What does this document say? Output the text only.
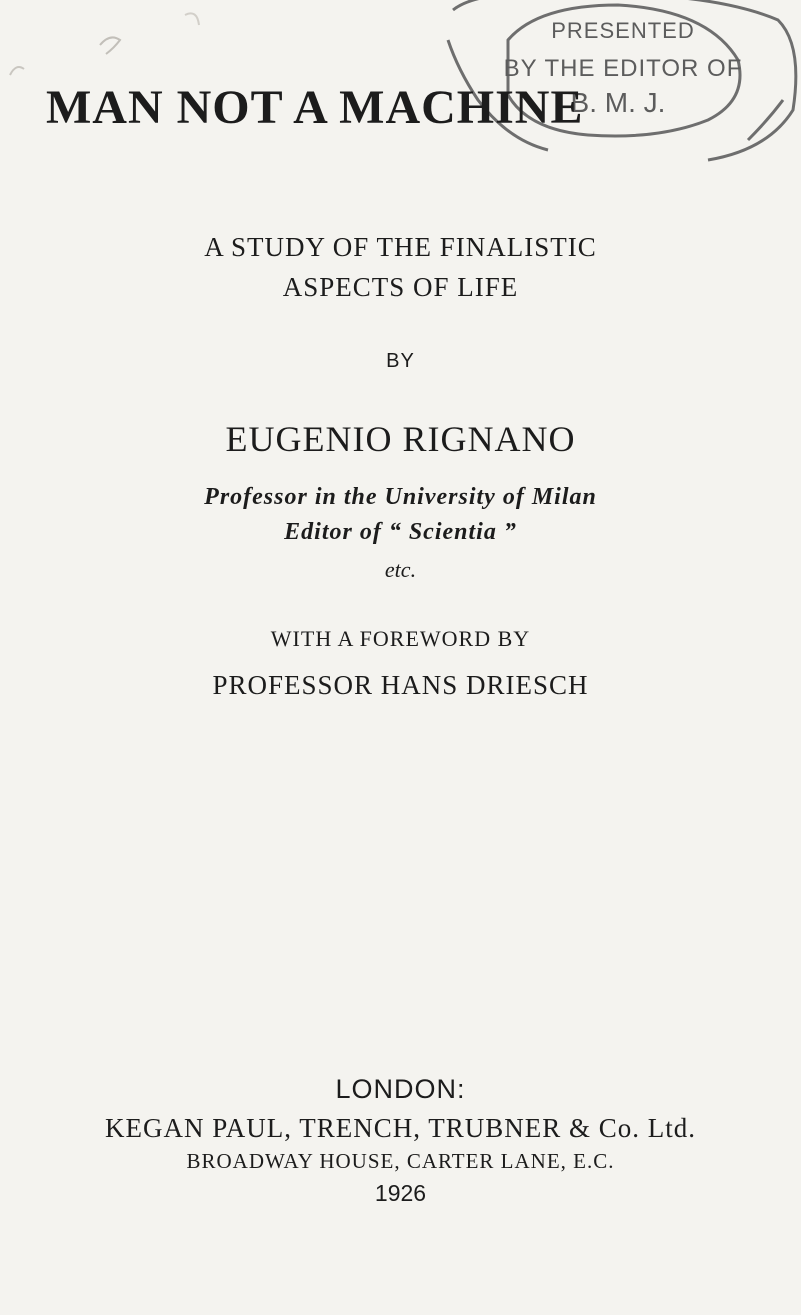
PRESENTED
BY THE EDITOR OF
B. M. J.
MAN NOT A MACHINE
A STUDY OF THE FINALISTIC
ASPECTS OF LIFE
BY
EUGENIO RIGNANO
Professor in the University of Milan
Editor of “ Scientia ”
etc.
WITH A FOREWORD BY
PROFESSOR HANS DRIESCH
LONDON:
KEGAN PAUL, TRENCH, TRUBNER & Co. Ltd.
BROADWAY HOUSE, CARTER LANE, E.C.
1926
